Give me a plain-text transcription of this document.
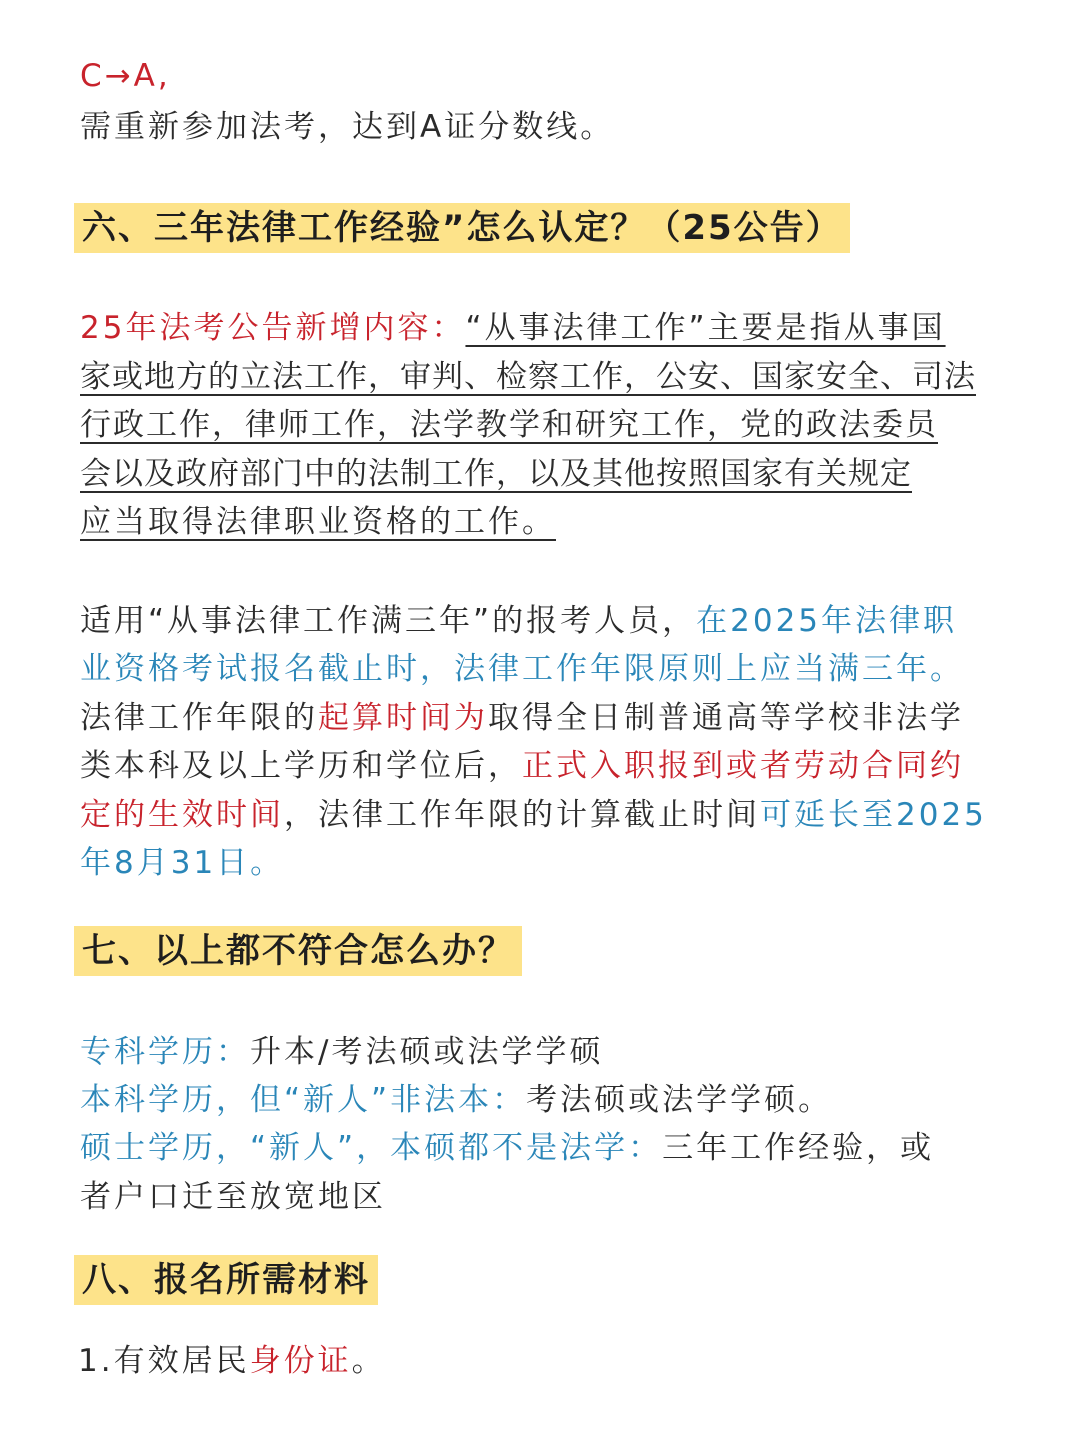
C→A,
需重新参加法考，达到A证分数线。
六、三年法律工作经验”怎么认定？（25公告）
25年法考公告新增内容：“从事法律工作”主要是指从事国
家或地方的立法工作，审判、检察工作，公安、国家安全、司法
行政工作，律师工作，法学教学和研究工作，党的政法委员
会以及政府部门中的法制工作，以及其他按照国家有关规定
应当取得法律职业资格的工作。
适用“从事法律工作满三年”的报考人员，在2025年法律职
业资格考试报名截止时，法律工作年限原则上应当满三年。
法律工作年限的起算时间为取得全日制普通高等学校非法学
类本科及以上学历和学位后，正式入职报到或者劳动合同约
定的生效时间，法律工作年限的计算截止时间可延长至2025
年8月31日。
七、以上都不符合怎么办？
专科学历：升本/考法硕或法学学硕
本科学历，但“新人”非法本：考法硕或法学学硕。
硕士学历，“新人”，本硕都不是法学：三年工作经验，或
者户口迁至放宽地区
八、报名所需材料
1.有效居民身份证。
